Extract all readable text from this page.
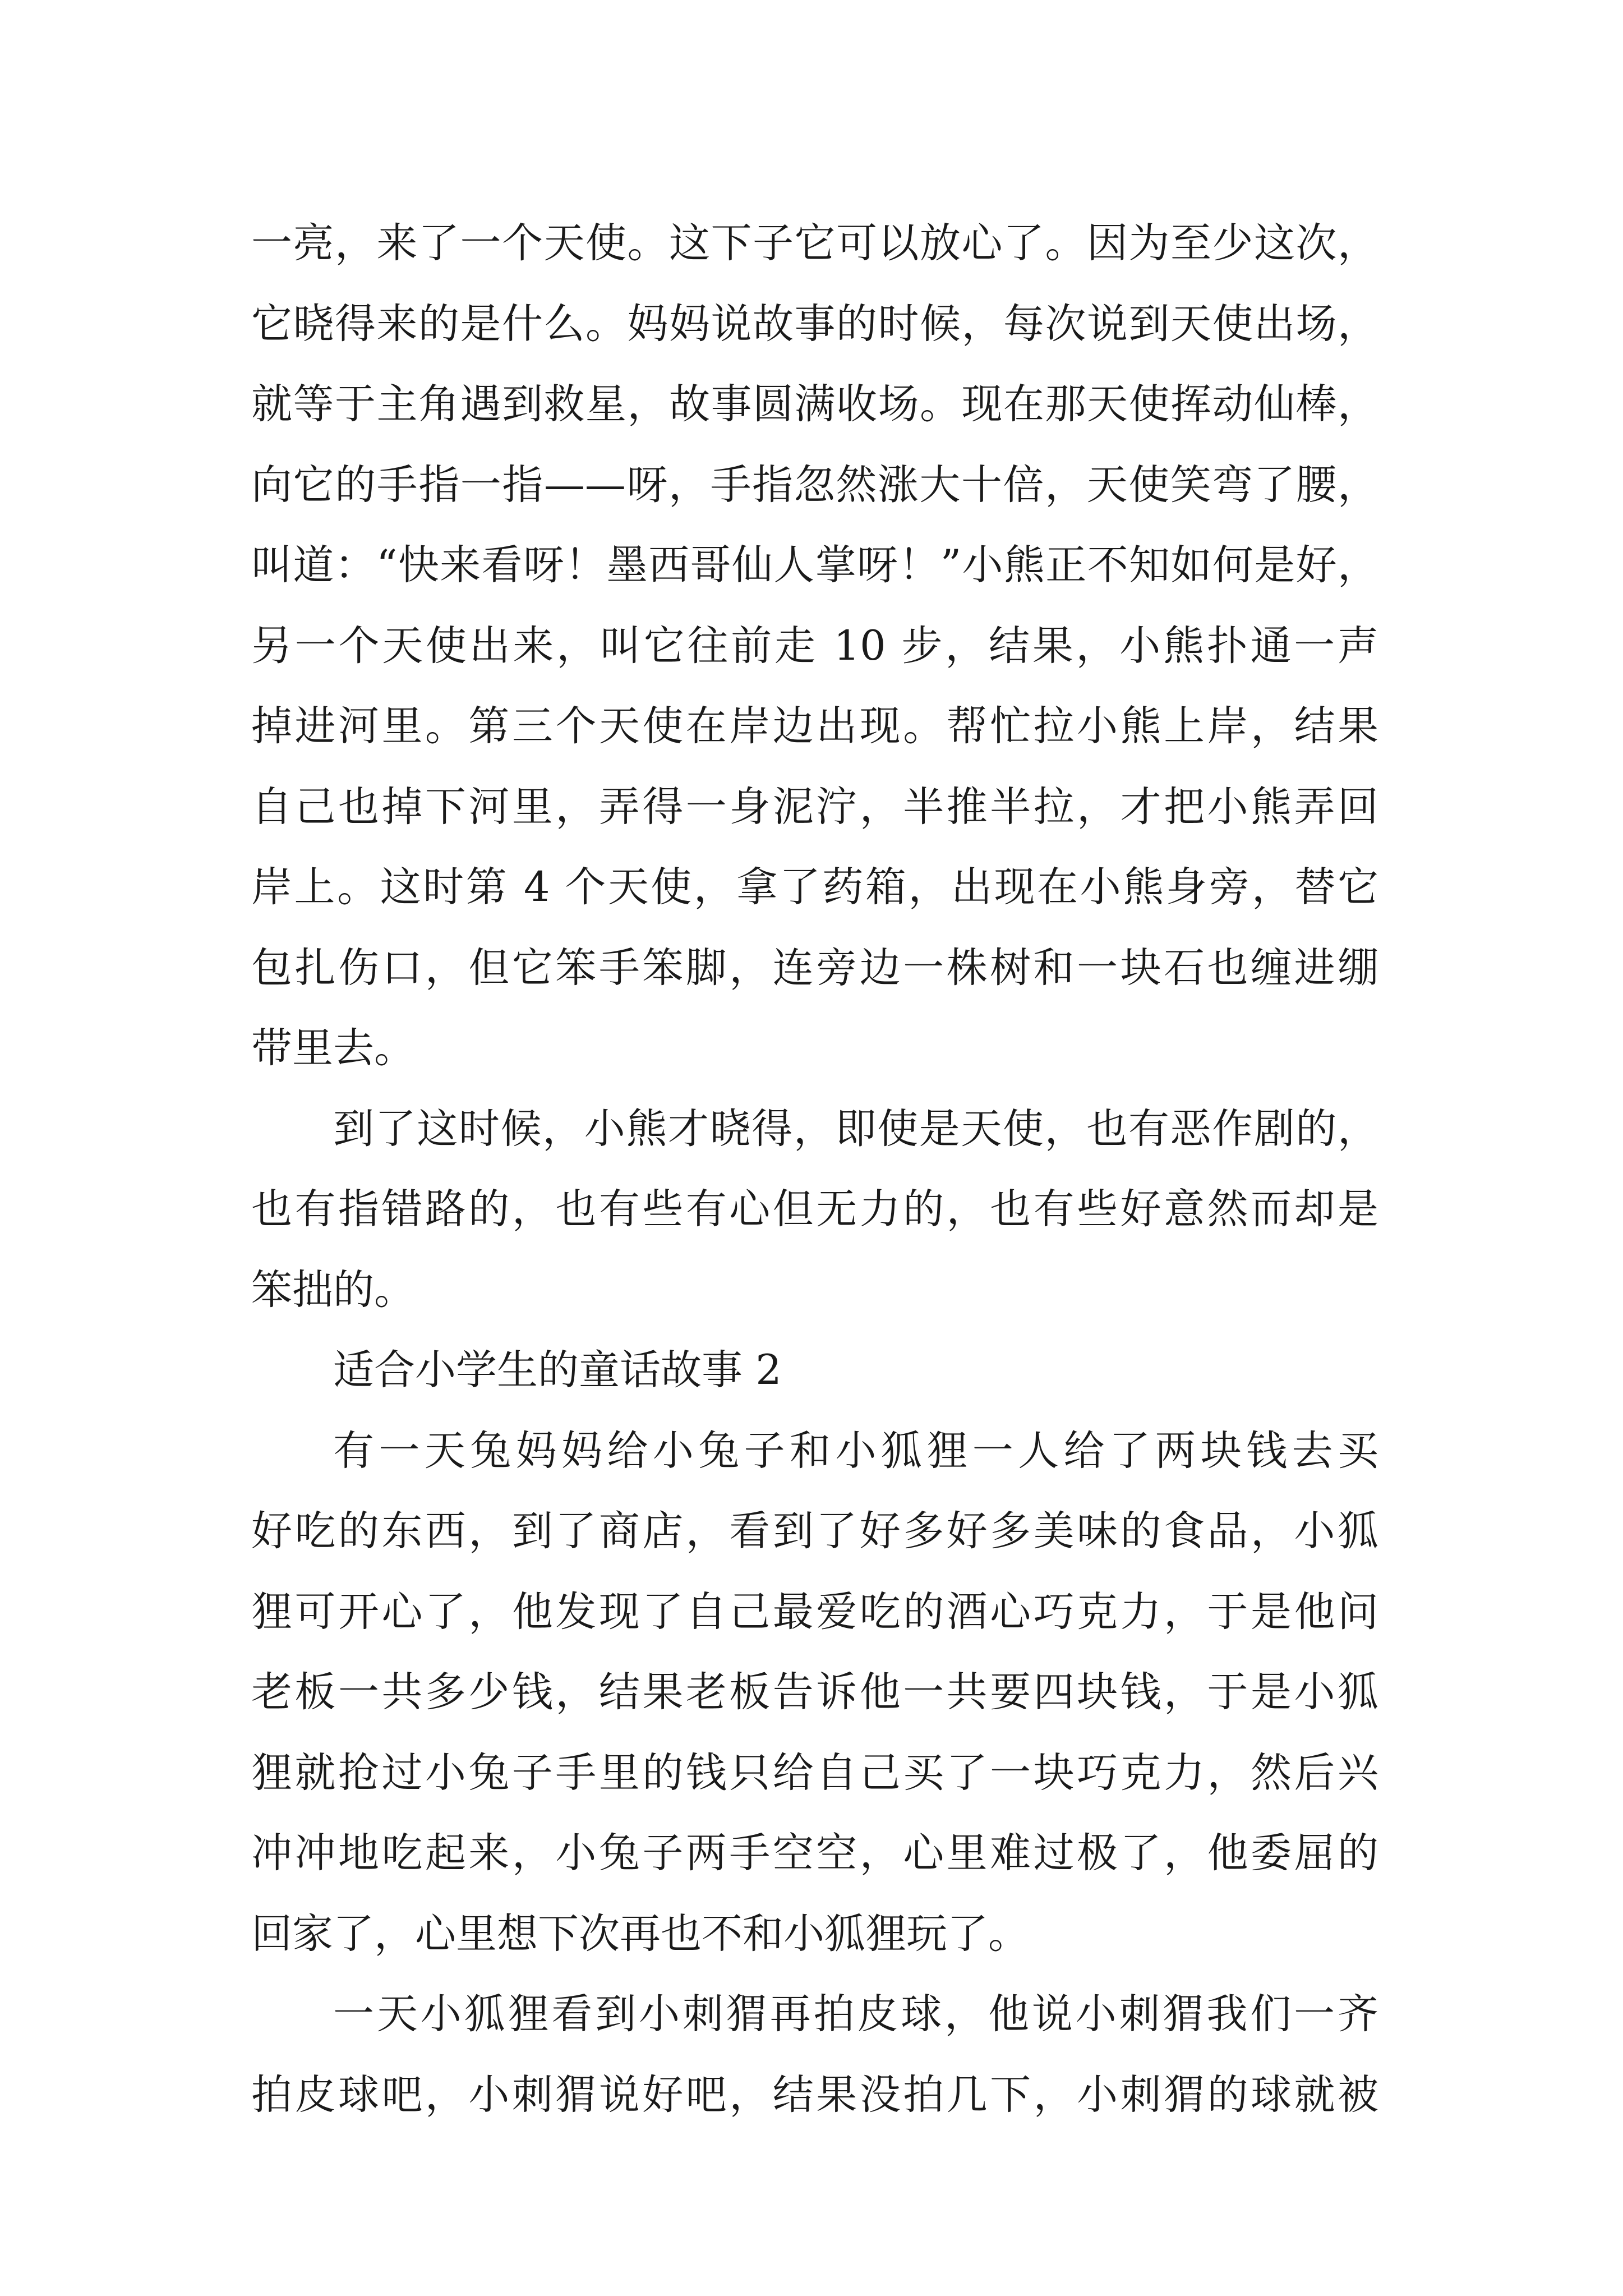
一亮，来了一个天使。这下子它可以放心了。因为至少这次，
它晓得来的是什么。妈妈说故事的时候，每次说到天使出场，
就等于主角遇到救星，故事圆满收场。现在那天使挥动仙棒，
向它的手指一指——呀，手指忽然涨大十倍，天使笑弯了腰，
叫道：“快来看呀！墨西哥仙人掌呀！”小熊正不知如何是好，
另一个天使出来，叫它往前走 10 步，结果，小熊扑通一声
掉进河里。第三个天使在岸边出现。帮忙拉小熊上岸，结果
自己也掉下河里，弄得一身泥泞，半推半拉，才把小熊弄回
岸上。这时第 4 个天使，拿了药箱，出现在小熊身旁，替它
包扎伤口，但它笨手笨脚，连旁边一株树和一块石也缠进绷
带里去。
到了这时候，小熊才晓得，即使是天使，也有恶作剧的，
也有指错路的，也有些有心但无力的，也有些好意然而却是
笨拙的。
适合小学生的童话故事 2
有一天兔妈妈给小兔子和小狐狸一人给了两块钱去买
好吃的东西，到了商店，看到了好多好多美味的食品，小狐
狸可开心了，他发现了自己最爱吃的酒心巧克力，于是他问
老板一共多少钱，结果老板告诉他一共要四块钱，于是小狐
狸就抢过小兔子手里的钱只给自己买了一块巧克力，然后兴
冲冲地吃起来，小兔子两手空空，心里难过极了，他委屈的
回家了，心里想下次再也不和小狐狸玩了。
一天小狐狸看到小刺猬再拍皮球，他说小刺猬我们一齐
拍皮球吧，小刺猬说好吧，结果没拍几下，小刺猬的球就被
